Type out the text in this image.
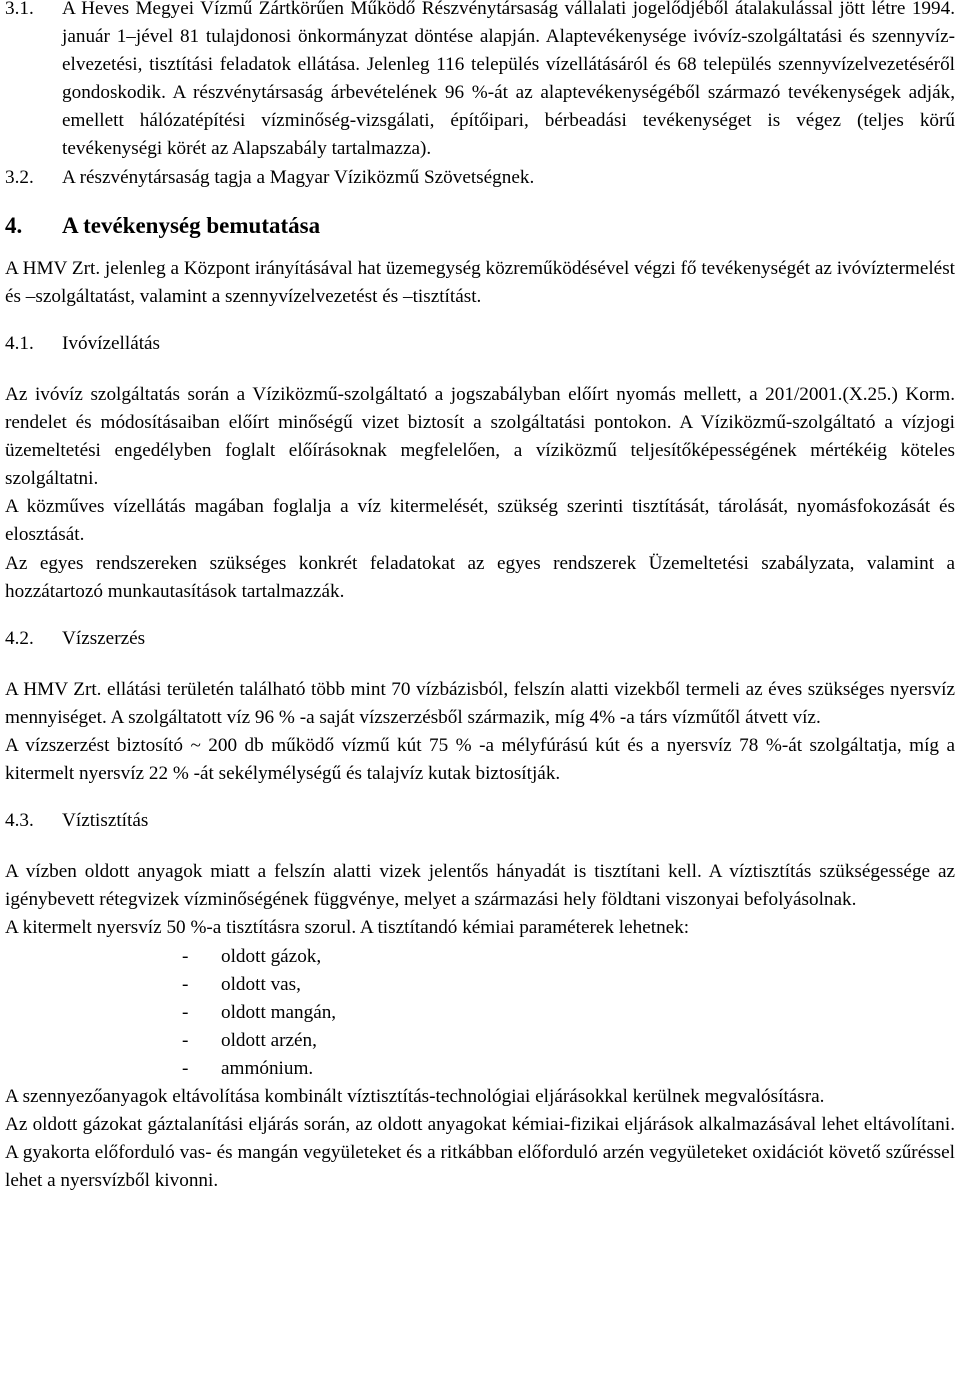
3.1. A Heves Megyei Vízmű Zártkörűen Működő Részvénytársaság vállalati jogelődjéből átalakulással jött létre 1994. január 1–jével 81 tulajdonosi önkormányzat döntése alapján. Alaptevékenysége ivóvíz-szolgáltatási és szennyvíz-elvezetési, tisztítási feladatok ellátása. Jelenleg 116 település vízellátásáról és 68 település szennyvízelvezetéséről gondoskodik. A részvénytársaság árbevételének 96 %-át az alaptevékenységéből származó tevékenységek adják, emellett hálózatépítési vízminőség-vizsgálati, építőipari, bérbeadási tevékenységet is végez (teljes körű tevékenységi körét az Alapszabály tartalmazza).

3.2. A részvénytársaság tagja a Magyar Víziközmű Szövetségnek.

4. A tevékenység bemutatása

A HMV Zrt. jelenleg a Központ irányításával hat üzemegység közreműködésével végzi fő tevékenységét az ivóvíztermelést és –szolgáltatást, valamint a szennyvízelvezetést és –tisztítást.

4.1. Ivóvízellátás

Az ivóvíz szolgáltatás során a Víziközmű-szolgáltató a jogszabályban előírt nyomás mellett, a 201/2001.(X.25.) Korm. rendelet és módosításaiban előírt minőségű vizet biztosít a szolgáltatási pontokon. A Víziközmű-szolgáltató a vízjogi üzemeltetési engedélyben foglalt előírásoknak megfelelően, a víziközmű teljesítőképességének mértékéig köteles szolgáltatni.

A közműves vízellátás magában foglalja a víz kitermelését, szükség szerinti tisztítását, tárolását, nyomásfokozását és elosztását.

Az egyes rendszereken szükséges konkrét feladatokat az egyes rendszerek Üzemeltetési szabályzata, valamint a hozzátartozó munkautasítások tartalmazzák.

4.2. Vízszerzés

A HMV Zrt. ellátási területén található több mint 70 vízbázisból, felszín alatti vizekből termeli az éves szükséges nyersvíz mennyiséget. A szolgáltatott víz 96 % -a saját vízszerzésből származik, míg 4% -a társ vízműtől átvett víz.

A vízszerzést biztosító ~ 200 db működő vízmű kút 75 % -a mélyfúrású kút és a nyersvíz 78 %-át szolgáltatja, míg a kitermelt nyersvíz 22 % -át sekélymélységű és talajvíz kutak biztosítják.

4.3. Víztisztítás

A vízben oldott anyagok miatt a felszín alatti vizek jelentős hányadát is tisztítani kell. A víztisztítás szükségessége az igénybevett rétegvizek vízminőségének függvénye, melyet a származási hely földtani viszonyai befolyásolnak.

A kitermelt nyersvíz 50 %-a tisztításra szorul. A tisztítandó kémiai paraméterek lehetnek:

- oldott gázok,
- oldott vas,
- oldott mangán,
- oldott arzén,
- ammónium.

A szennyezőanyagok eltávolítása kombinált víztisztítás-technológiai eljárásokkal kerülnek megvalósításra.

Az oldott gázokat gáztalanítási eljárás során, az oldott anyagokat kémiai-fizikai eljárások alkalmazásával lehet eltávolítani. A gyakorta előforduló vas- és mangán vegyületeket és a ritkábban előforduló arzén vegyületeket oxidációt követő szűréssel lehet a nyersvízből kivonni.
